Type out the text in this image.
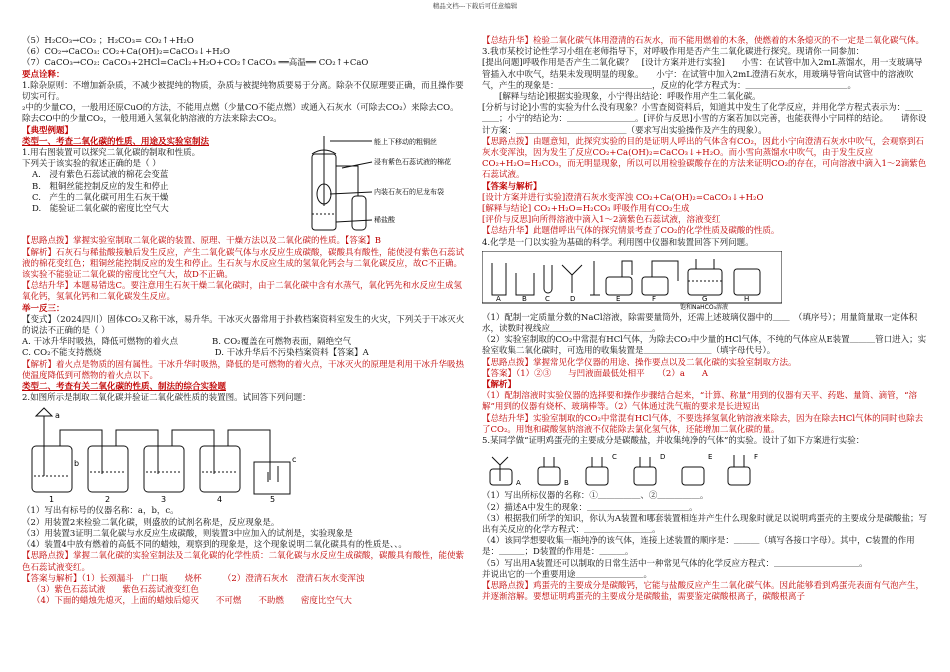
精品文档---下载后可任意编辑

（5）H₂CO₃→CO₂ ；H₂CO₃= CO₂↑+H₂O

（6）CO₂→CaCO₃: CO₂+Ca(OH)₂=CaCO₃↓+H₂O

（7）CaCO₃→CO₂: CaCO₃+2HCl=CaCl₂+H₂O+CO₂↑CaCO₃ ══高温══ CO₂↑+CaO

要点诠释：

1.除杂原则：不增加新杂质，不减少被提纯的物质，杂质与被提纯物质要易于分离。除杂不仅原理要正确，而且操作要切实可行。

₂中的少量CO，一般用还原CuO的方法，不能用点燃（少量CO不能点燃）或通入石灰水（可除去CO₂）来除去CO。除去CO中的少量CO₂，一般用通入氢氧化钠溶液的方法来除去CO₂。

【典型例题】

类型一、考查二氧化碳的性质、用途及实验室制法

1.用右图装置可以探究二氧化碳的制取和性质。

下列关于该实验的叙述正确的是（ ）

A.　浸有紫色石蕊试液的棉花会变蓝

B.　粗铜丝能控制反应的发生和停止

C.　产生的二氧化碳可用生石灰干燥

D.　能验证二氧化碳的密度比空气大

能上下移动的粗铜丝
浸有紫色石蕊试液的棉花
内装石灰石的尼龙布袋
稀盐酸

【思路点拨】掌握实验室制取二氧化碳的装置、原理、干燥方法以及二氧化碳的性质。【答案】B

【解析】石灰石与稀盐酸接触后发生反应，产生二氧化碳气体与水反应生成碳酸，碳酸具有酸性，能使浸有紫色石蕊试液的棉花变红色；粗铜丝能控制反应的发生和停止。生石灰与水反应生成的氢氧化钙会与二氧化碳反应，故C不正确。该实验不能验证二氧化碳的密度比空气大，故D不正确。

【总结升华】本题易错选C。要注意用生石灰干燥二氧化碳时，由于二氧化碳中含有水蒸气，氧化钙先和水反应生成氢氧化钙，氢氧化钙和二氧化碳发生反应。

举一反三：

【变式】（2024四川）固体CO₂又称干冰，易升华。干冰灭火器常用于扑救档案资料室发生的火灾，下列关于干冰灭火的说法不正确的是（ ）

A. 干冰升华时吸热，降低可燃物的着火点　　　　B. CO₂覆盖在可燃物表面，隔绝空气

C. CO₂不能支持燃烧　　　　　　　　　　　　　 D. 干冰升华后不污染档案资料【答案】A

【解析】着火点是物质的固有属性。干冰升华时吸热，降低的是可燃物的着火点，干冰灭火的原理是利用干冰升华吸热使温度降低到可燃物的着火点以下。

类型二、考查有关二氧化碳的性质、制法的综合实验题

2.如图所示是制取二氧化碳并验证二氧化碳性质的装置图。试回答下列问题：

1	2	3	4	5
a
b	c

（1）写出有标号的仪器名称：a，b，c。

（2）用装置2来检验二氧化碳，则盛放的试剂名称是，反应现象是。

（3）用装置3证明二氧化碳与水反应生成碳酸，则装置3中应加入的试剂是，实验现象是

（4）装置4中放有燃着的高低不同的蜡烛，观察到的现象是，这个现象说明二氧化碳具有的性质是、、。

【思路点拨】掌握二氧化碳的实验室制法及二氧化碳的化学性质：二氧化碳与水反应生成碳酸，碳酸具有酸性，能使紫色石蕊试液变红。

【答案与解析】（1）长颈漏斗　广口瓶　　烧杯　　　（2）澄清石灰水　澄清石灰水变浑浊

（3）紫色石蕊试液　　紫色石蕊试液变红色

（4）下面的蜡烛先熄灭，上面的蜡烛后熄灭　　不可燃　　不助燃　　密度比空气大

【总结升华】检验二氧化碳气体用澄清的石灰水，而不能用燃着的木条，使燃着的木条熄灭的不一定是二氧化碳气体。

3.我市某校讨论性学习小组在老师指导下，对呼吸作用是否产生二氧化碳进行探究。现请你一同参加：

[提出问题]呼吸作用是否产生二氧化碳？　[设计方案并进行实验]　　小雪：在试管中加入2mL蒸馏水，用一支玻璃导管插入水中吹气，结果未发现明显的现象。　　小宁：在试管中加入2mL澄清石灰水，用玻璃导管向试管中的溶液吹气，产生的现象是：＿＿＿＿＿＿＿＿＿＿＿，反应的化学方程式为：＿＿＿＿＿＿＿＿＿＿＿＿。

　　[解释与结论]根据实验现象，小宁得出结论：呼吸作用产生二氧化碳。

[分析与讨论]小雪的实验为什么没有现象？小雪查阅资料后，知道其中发生了化学反应，并用化学方程式表示为：＿＿＿＿；小宁的结论为：＿＿＿＿＿＿＿＿。[评价与反思]小雪的方案若加以完善，也能获得小宁同样的结论。　　请你设计方案：＿＿＿＿＿＿＿＿＿＿＿＿＿（要求写出实验操作及产生的现象）。

【思路点拨】由题意知，此探究实验的目的是证明人呼出的气体含有CO₂，因此小宁向澄清石灰水中吹气，会观察到石灰水变浑浊，因为发生了反应CO₂+Ca(OH)₂=CaCO₃↓+H₂O。而小雪向蒸馏水中吹气，由于发生反应CO₂+H₂O=H₂CO₃，而无明显现象，所以可以用检验碳酸存在的方法来证明CO₂的存在，可向溶液中滴入1～2滴紫色石蕊试液。

【答案与解析】

[设计方案并进行实验]澄清石灰水变浑浊 CO₂+Ca(OH)₂=CaCO₃↓+H₂O

[解释与结论] CO₂+H₂O=H₂CO₃ 呼吸作用有CO₂生成

[评价与反思]向所得溶液中滴入1～2滴紫色石蕊试液，溶液变红

【总结升华】此题借呼出气体的探究情景考查了CO₂的化学性质及碳酸的性质。

4.化学是一门以实验为基础的科学。利用图中仪器和装置回答下列问题。

A	B	C	D	E	F	G	H
饱和NaHCO₃溶液

（1）配制一定质量分数的NaCl溶液，除需要量筒外，还需上述玻璃仪器中的＿＿　（填序号）；用量筒量取一定体积水，读数时视线应＿＿＿＿＿＿＿＿＿＿＿＿。

（2）实验室制取的CO₂中常混有HCl气体，为除去CO₂中少量的HCl气体，不纯的气体应从E装置＿＿＿管口进入；实验室收集二氧化碳时，可选用的收集装置是＿＿＿＿＿＿＿＿（填字母代号）。

【思路点拨】掌握常见化学仪器的用途、操作要点以及二氧化碳的实验室制取方法。

【答案】（1）②③　　与凹液面最低处相平　　（2）a　　A

【解析】

（1）配制溶液时实验仪器的选择要和操作步骤结合起来，“计算、称量”用到的仪器有天平、药匙、量筒、滴管，“溶解”用到的仪器有烧杯、玻璃棒等。（2）气体通过洗气瓶的要求是长进短出

【总结升华】实验室制取的CO₂中常混有HCl气体，不要选择氢氧化钠溶液来除去，因为在除去HCl气体的同时也除去了CO₂。用饱和碳酸氢钠溶液不仅能除去氯化氢气体，还能增加二氧化碳的量。

5.某同学做“证明鸡蛋壳的主要成分是碳酸盐，并收集纯净的气体”的实验。设计了如下方案进行实验：

A	B
C	D	E	F

（1）写出所标仪器的名称：①＿＿＿＿＿、②＿＿＿＿＿。

（2）描述A中发生的现象：＿＿＿＿＿＿＿＿＿＿＿＿。

（3）根据我们所学的知识，你认为A装置和哪套装置相连并产生什么现象时就足以说明鸡蛋壳的主要成分是碳酸盐；写出有关反应的化学方程式：＿＿＿＿＿＿＿＿。

（4）该同学想要收集一瓶纯净的该气体，连接上述装置的顺序是：＿＿＿（填写各接口字母）。其中，C装置的作用是：＿＿＿；D装置的作用是：＿＿＿。

（5）写出用A装置还可以制取的日常生活中一种常见气体的化学反应方程式：＿＿＿＿＿＿＿＿＿＿。

并说出它的一个重要用途＿＿＿＿＿＿＿＿。

【思路点拨】鸡蛋壳的主要成分是碳酸钙，它能与盐酸反应产生二氧化碳气体。因此能够看到鸡蛋壳表面有气泡产生，并逐渐溶解。要想证明鸡蛋壳的主要成分是碳酸盐，需要鉴定碳酸根离子，碳酸根离子
